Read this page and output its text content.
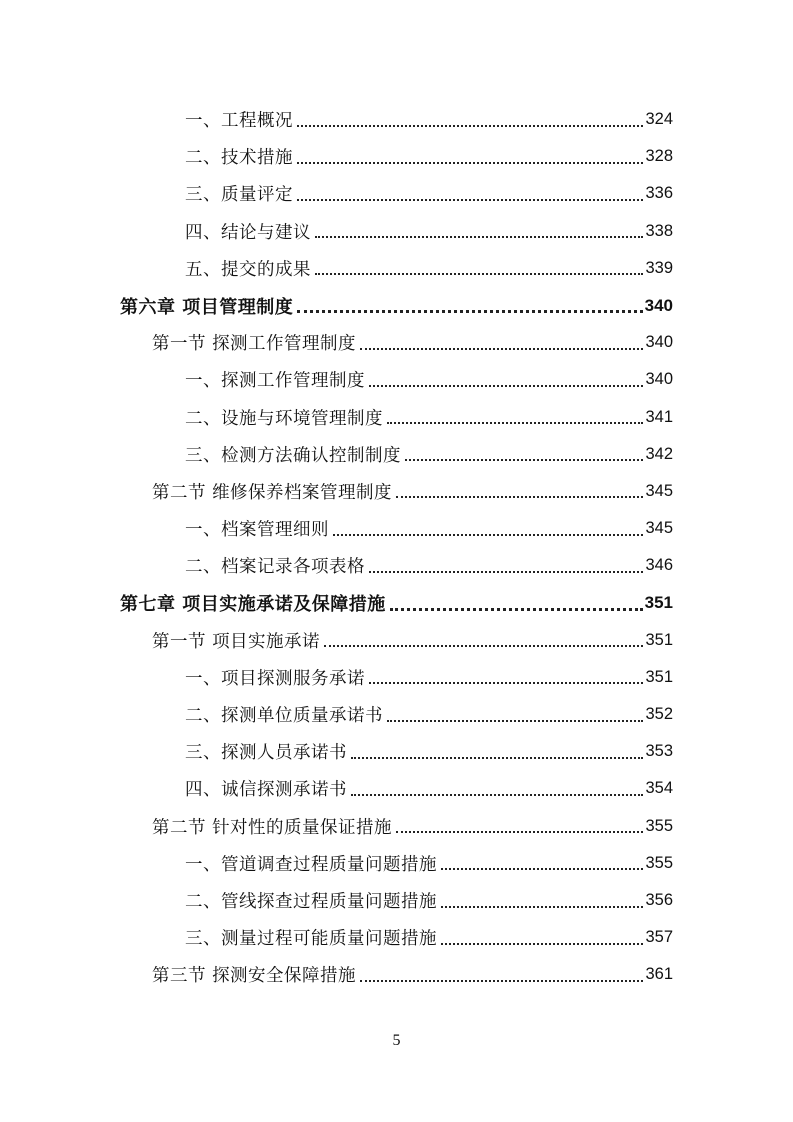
一、工程概况	324
二、技术措施	328
三、质量评定	336
四、结论与建议	338
五、提交的成果	339
第六章 项目管理制度	340
第一节 探测工作管理制度	340
一、探测工作管理制度	340
二、设施与环境管理制度	341
三、检测方法确认控制制度	342
第二节 维修保养档案管理制度	345
一、档案管理细则	345
二、档案记录各项表格	346
第七章 项目实施承诺及保障措施	351
第一节 项目实施承诺	351
一、项目探测服务承诺	351
二、探测单位质量承诺书	352
三、探测人员承诺书	353
四、诚信探测承诺书	354
第二节 针对性的质量保证措施	355
一、管道调查过程质量问题措施	355
二、管线探查过程质量问题措施	356
三、测量过程可能质量问题措施	357
第三节 探测安全保障措施	361
5
